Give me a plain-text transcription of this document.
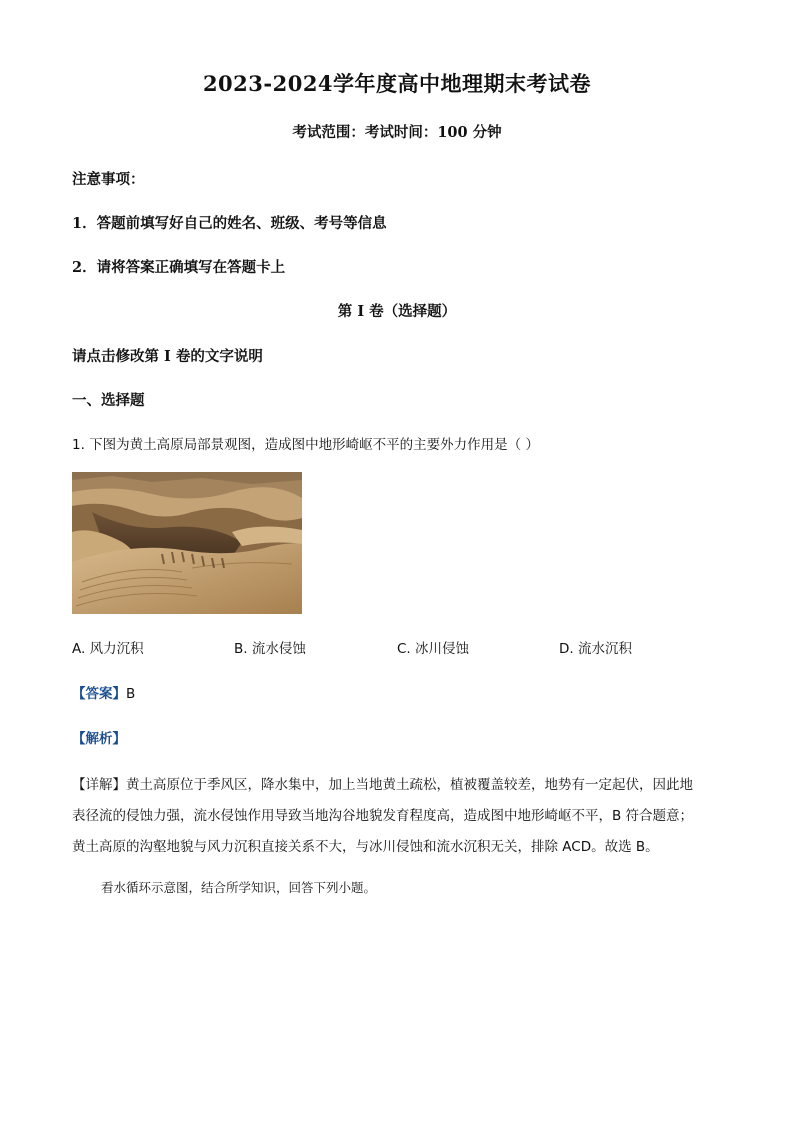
2023-2024学年度高中地理期末考试卷
考试范围：考试时间：100 分钟
注意事项：
1．答题前填写好自己的姓名、班级、考号等信息
2．请将答案正确填写在答题卡上
第 I 卷（选择题）
请点击修改第 I 卷的文字说明
一、选择题
1. 下图为黄土高原局部景观图，造成图中地形崎岖不平的主要外力作用是（ ）
A. 风力沉积	B. 流水侵蚀	C. 冰川侵蚀	D. 流水沉积
【答案】B
【解析】

【详解】黄土高原位于季风区，降水集中，加上当地黄土疏松，植被覆盖较差，地势有一定起伏，因此地

表径流的侵蚀力强，流水侵蚀作用导致当地沟谷地貌发育程度高，造成图中地形崎岖不平，B 符合题意；

黄土高原的沟壑地貌与风力沉积直接关系不大，与冰川侵蚀和流水沉积无关，排除 ACD。故选 B。

看水循环示意图，结合所学知识，回答下列小题。
